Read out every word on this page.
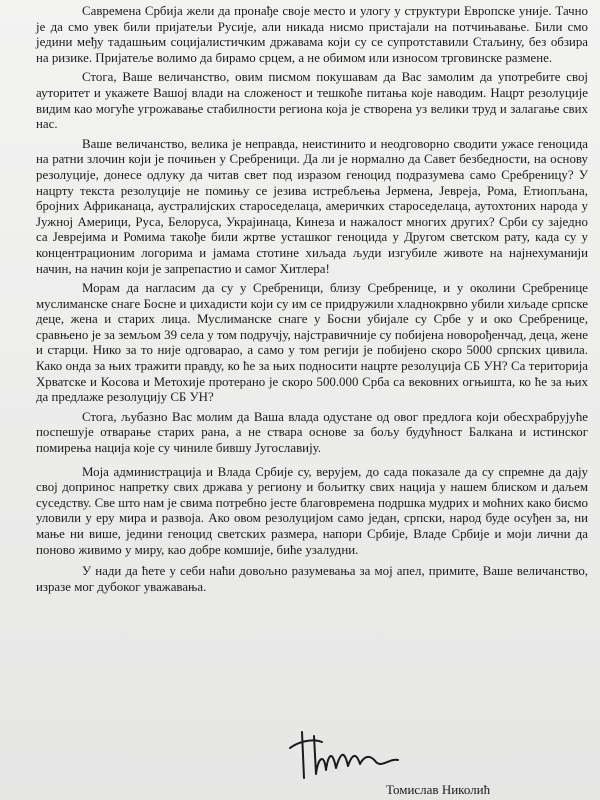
Савремена Србија жели да пронађе своје место и улогу у структури Европске уније. Тачно је да смо увек били пријатељи Русије, али никада нисмо пристајали на потчињавање. Били смо једини међу тадашњим социјалистичким државама који су се супротставили Стаљину, без обзира на ризике. Пријатеље волимо да бирамо срцем, а не обимом или износом трговинске размене.

Стога, Ваше величанство, овим писмом покушавам да Вас замолим да употребите свој ауторитет и укажете Вашој влади на сложеност и тешкоће питања које наводим. Нацрт резолуције видим као могуће угрожавање стабилности региона која је створена уз велики труд и залагање свих нас.

Ваше величанство, велика је неправда, неистинито и неодговорно сводити ужасе геноцида на ратни злочин који је почињен у Сребреници. Да ли је нормално да Савет безбедности, на основу резолуције, донесе одлуку да читав свет под изразом геноцид подразумева само Сребреницу? У нацрту текста резолуције не помињу се језива истребљења Јермена, Јевреја, Рома, Етиопљана, бројних Африканаца, аустралијских староседелаца, америчких староседелаца, аутохтоних народа у Јужној Америци, Руса, Белоруса, Украјинаца, Кинеза и нажалост многих других? Срби су заједно са Јеврејима и Ромима такође били жртве усташког геноцида у Другом светском рату, када су у концентрационим логорима и јамама стотине хиљада људи изгубиле животе на најнехуманији начин, на начин који је запрепастио и самог Хитлера!

Морам да нагласим да су у Сребреници, близу Сребренице, и у околини Сребренице муслиманске снаге Босне и џихадисти који су им се придружили хладнокрвно убили хиљаде српске деце, жена и старих лица. Муслиманске снаге у Босни убијале су Србе у и око Сребренице, сравњено је за земљом 39 села у том подручју, најстравичније су побијена новорођенчад, деца, жене и старци. Нико за то није одговарао, а само у том регији је побијено скоро 5000 српских цивила. Како онда за њих тражити правду, ко ће за њих подносити нацрте резолуција СБ УН? Са територија Хрватске и Косова и Метохије протерано је скоро 500.000 Срба са вековних огњишта, ко ће за њих да предлаже резолуцију СБ УН?

Стога, љубазно Вас молим да Ваша влада одустане од овог предлога који обесхрабрујуће поспешује отварање старих рана, а не ствара основе за бољу будућност Балкана и истинског помирења нација које су чиниле бившу Југославију.

Моја администрација и Влада Србије су, верујем, до сада показале да су спремне да дају свој допринос напретку свих држава у региону и бољитку свих нација у нашем блиском и даљем суседству. Све што нам је свима потребно јесте благовремена подршка мудрих и моћних како бисмо уловили у еру мира и развоја. Ако овом резолуцијом само један, српски, народ буде осуђен за, ни мање ни више, једини геноцид светских размера, напори Србије, Владе Србије и моји лични да поново живимо у миру, као добре комшије, биће узалудни.

У нади да ћете у себи наћи довољно разумевања за мој апел, примите, Ваше величанство, изразе мог дубоког уважавања.

Томислав Николић
